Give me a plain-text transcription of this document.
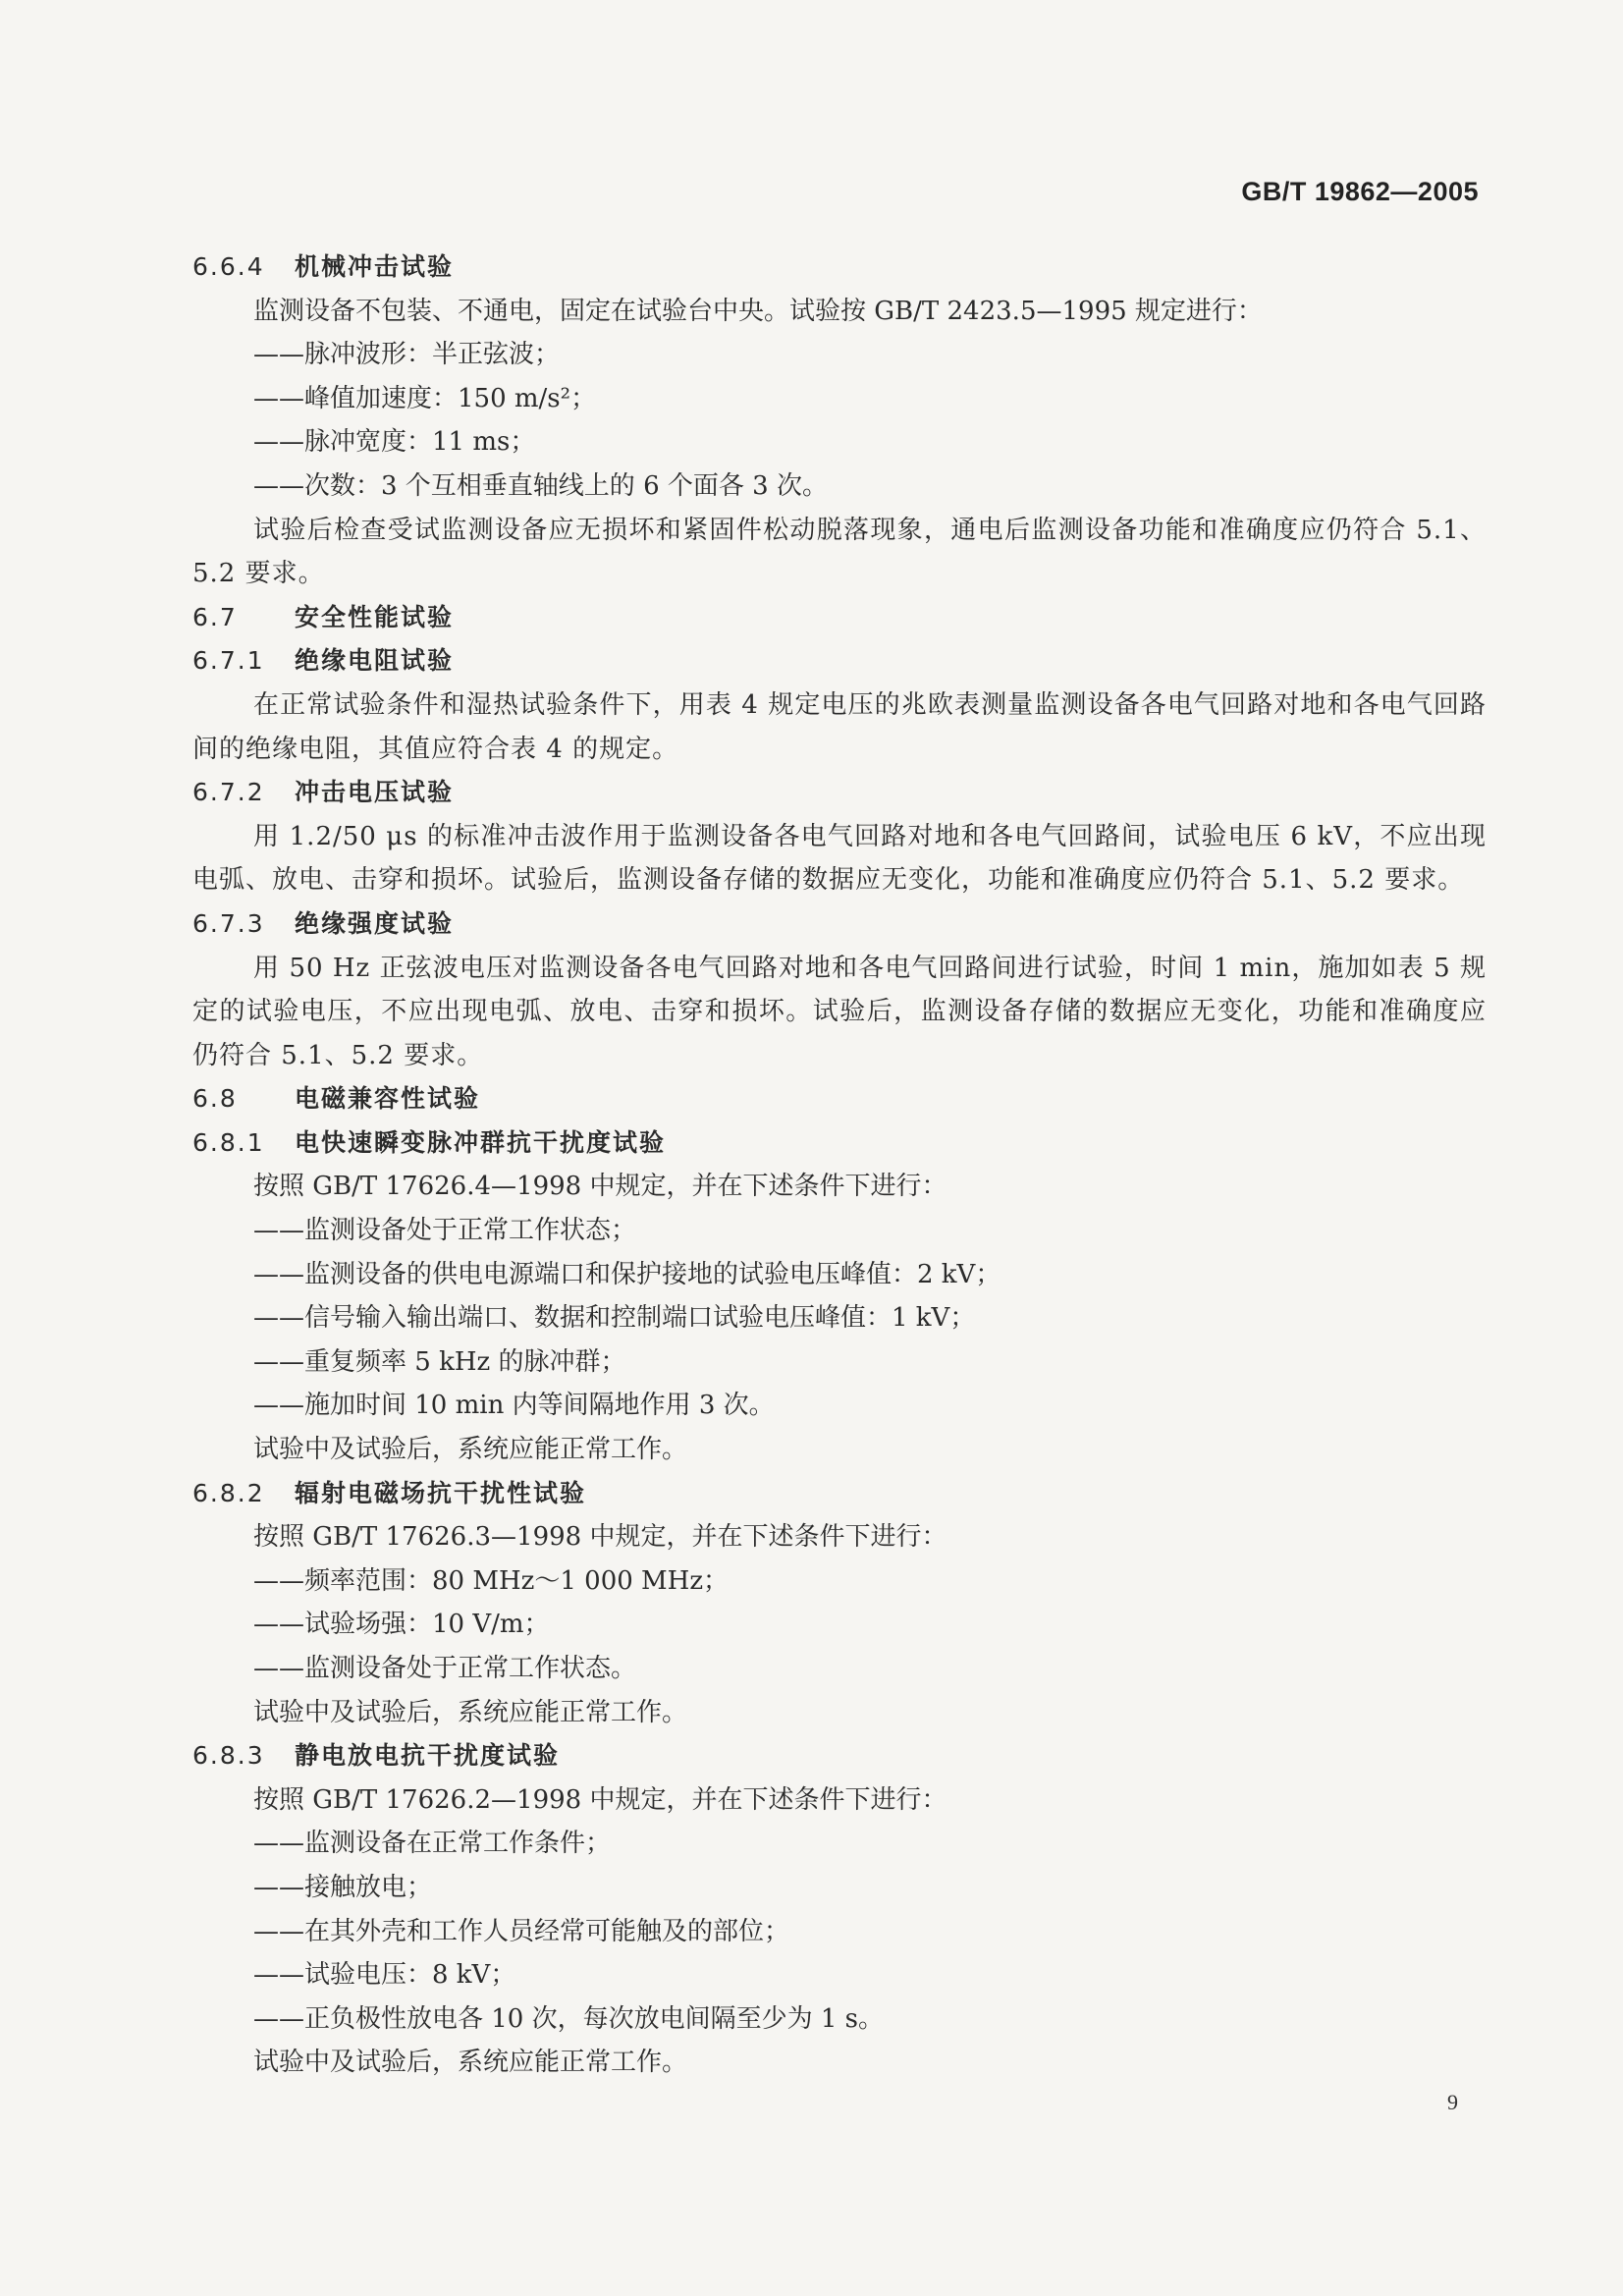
GB/T 19862—2005
6.6.4 机械冲击试验
监测设备不包装、不通电，固定在试验台中央。试验按 GB/T 2423.5—1995 规定进行：
——脉冲波形：半正弦波；
——峰值加速度：150 m/s²；
——脉冲宽度：11 ms；
——次数：3 个互相垂直轴线上的 6 个面各 3 次。
试验后检查受试监测设备应无损坏和紧固件松动脱落现象，通电后监测设备功能和准确度应仍符合 5.1、5.2 要求。
6.7 安全性能试验
6.7.1 绝缘电阻试验
在正常试验条件和湿热试验条件下，用表 4 规定电压的兆欧表测量监测设备各电气回路对地和各电气回路间的绝缘电阻，其值应符合表 4 的规定。
6.7.2 冲击电压试验
用 1.2/50 μs 的标准冲击波作用于监测设备各电气回路对地和各电气回路间，试验电压 6 kV，不应出现电弧、放电、击穿和损坏。试验后，监测设备存储的数据应无变化，功能和准确度应仍符合 5.1、5.2 要求。
6.7.3 绝缘强度试验
用 50 Hz 正弦波电压对监测设备各电气回路对地和各电气回路间进行试验，时间 1 min，施加如表 5 规定的试验电压，不应出现电弧、放电、击穿和损坏。试验后，监测设备存储的数据应无变化，功能和准确度应仍符合 5.1、5.2 要求。
6.8 电磁兼容性试验
6.8.1 电快速瞬变脉冲群抗干扰度试验
按照 GB/T 17626.4—1998 中规定，并在下述条件下进行：
——监测设备处于正常工作状态；
——监测设备的供电电源端口和保护接地的试验电压峰值：2 kV；
——信号输入输出端口、数据和控制端口试验电压峰值：1 kV；
——重复频率 5 kHz 的脉冲群；
——施加时间 10 min 内等间隔地作用 3 次。
试验中及试验后，系统应能正常工作。
6.8.2 辐射电磁场抗干扰性试验
按照 GB/T 17626.3—1998 中规定，并在下述条件下进行：
——频率范围：80 MHz～1 000 MHz；
——试验场强：10 V/m；
——监测设备处于正常工作状态。
试验中及试验后，系统应能正常工作。
6.8.3 静电放电抗干扰度试验
按照 GB/T 17626.2—1998 中规定，并在下述条件下进行：
——监测设备在正常工作条件；
——接触放电；
——在其外壳和工作人员经常可能触及的部位；
——试验电压：8 kV；
——正负极性放电各 10 次，每次放电间隔至少为 1 s。
试验中及试验后，系统应能正常工作。
9
